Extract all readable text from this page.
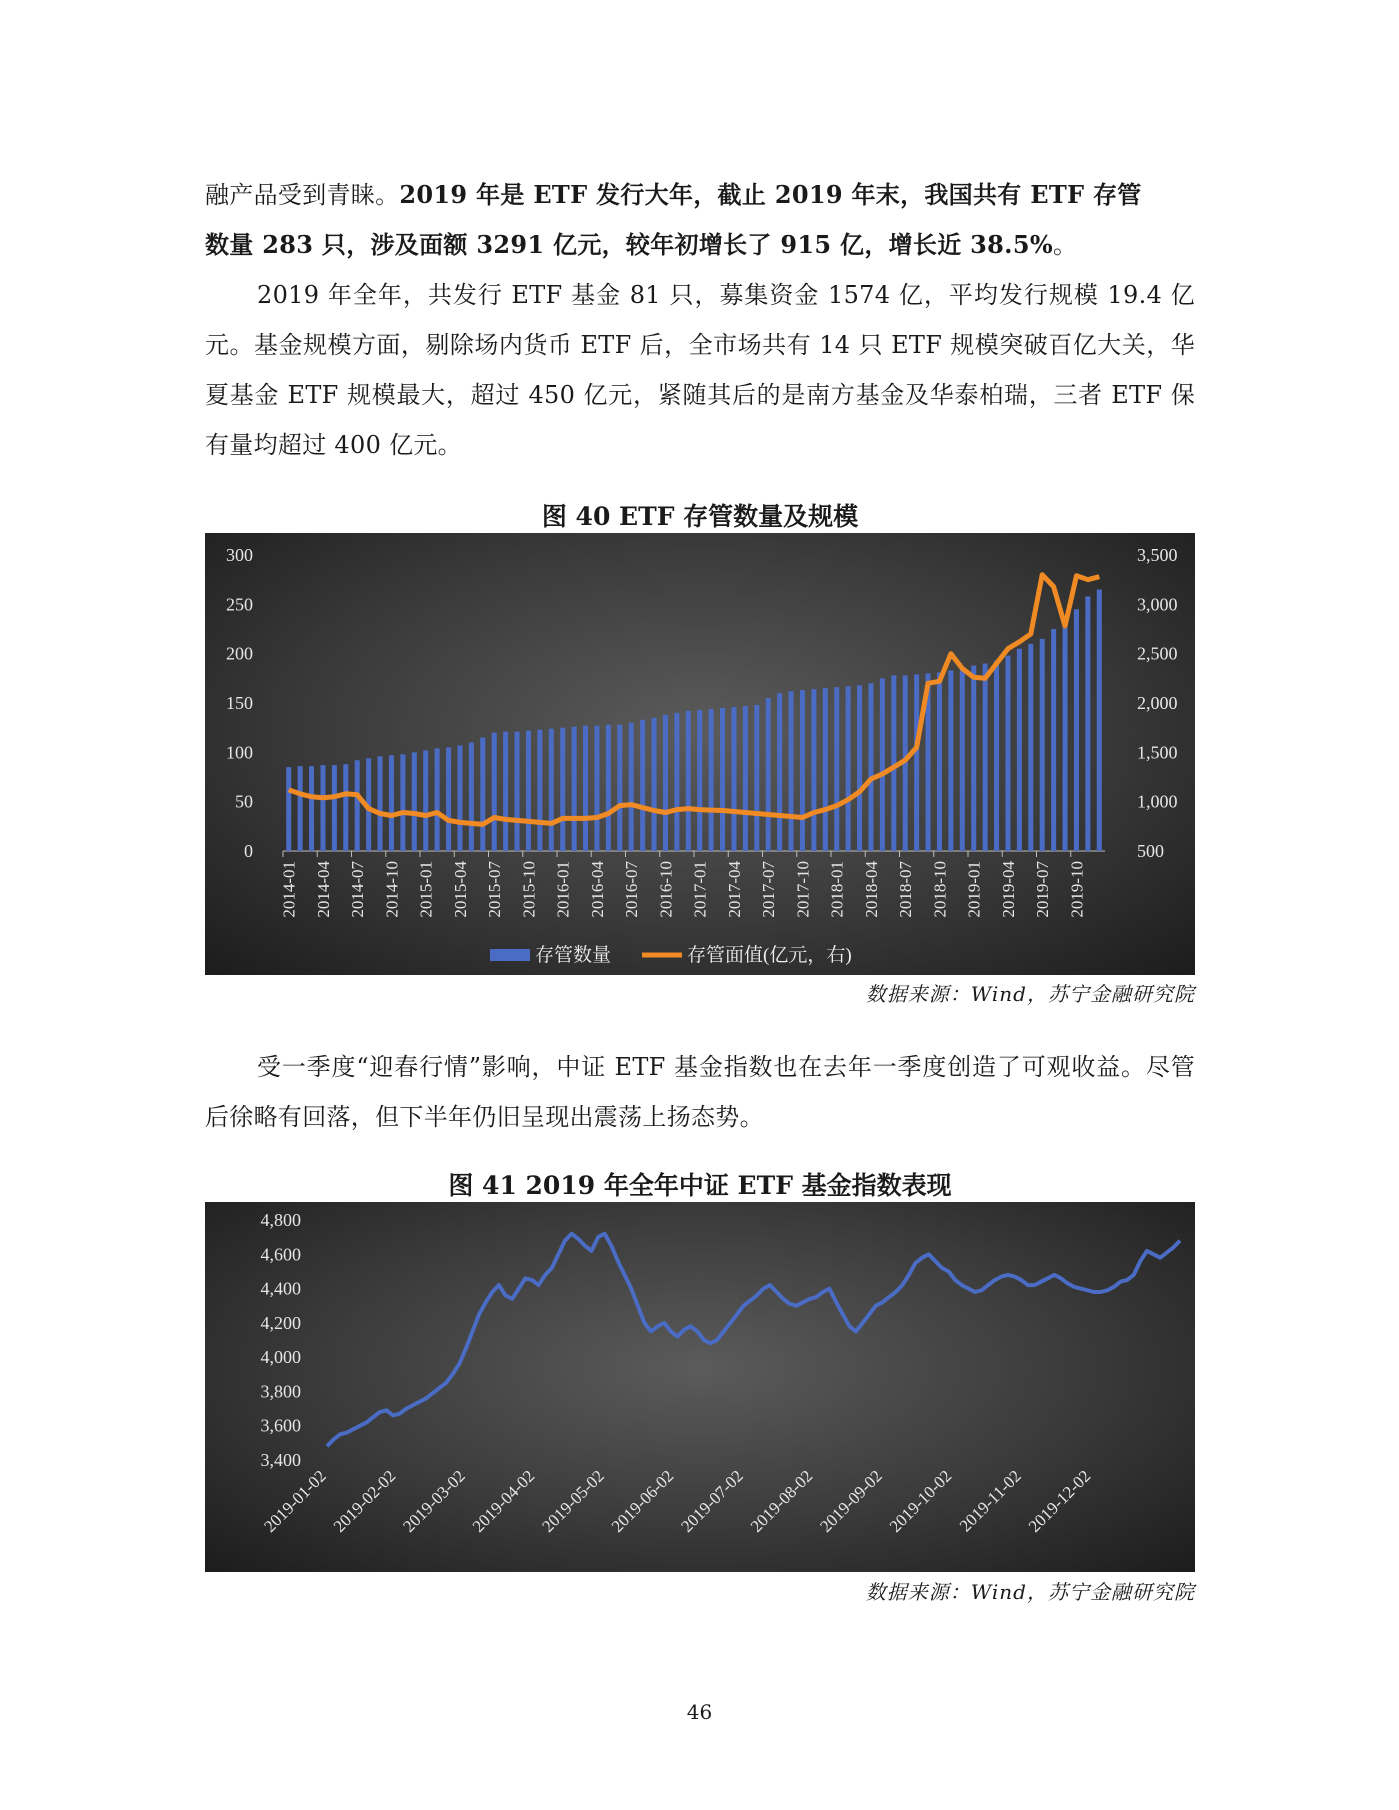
融产品受到青睐。2019 年是 ETF 发行大年，截止 2019 年末，我国共有 ETF 存管
数量 283 只，涉及面额 3291 亿元，较年初增长了 915 亿，增长近 38.5%。

2019 年全年，共发行 ETF 基金 81 只，募集资金 1574 亿，平均发行规模 19.4 亿元。基金规模方面，剔除场内货币 ETF 后，全市场共有 14 只 ETF 规模突破百亿大关，华夏基金 ETF 规模最大，超过 450 亿元，紧随其后的是南方基金及华泰柏瑞，三者 ETF 保有量均超过 400 亿元。

图 40 ETF 存管数量及规模

0
50
100
150
200
250
300
500
1,000
1,500
2,000
2,500
3,000
3,500
2014-01 2014-04 2014-07 2014-10 2015-01 2015-04 2015-07 2015-10 2016-01 2016-04 2016-07 2016-10 2017-01 2017-04 2017-07 2017-10 2018-01 2018-04 2018-07 2018-10 2019-01 2019-04 2019-07 2019-10
存管数量	存管面值(亿元，右)

数据来源：Wind，苏宁金融研究院

受一季度“迎春行情”影响，中证 ETF 基金指数也在去年一季度创造了可观收益。尽管后徐略有回落，但下半年仍旧呈现出震荡上扬态势。

图 41 2019 年全年中证 ETF 基金指数表现

3,400
3,600
3,800
4,000
4,200
4,400
4,600
4,800
2019-01-02 2019-02-02 2019-03-02 2019-04-02 2019-05-02 2019-06-02 2019-07-02 2019-08-02 2019-09-02 2019-10-02 2019-11-02 2019-12-02

数据来源：Wind，苏宁金融研究院

46
